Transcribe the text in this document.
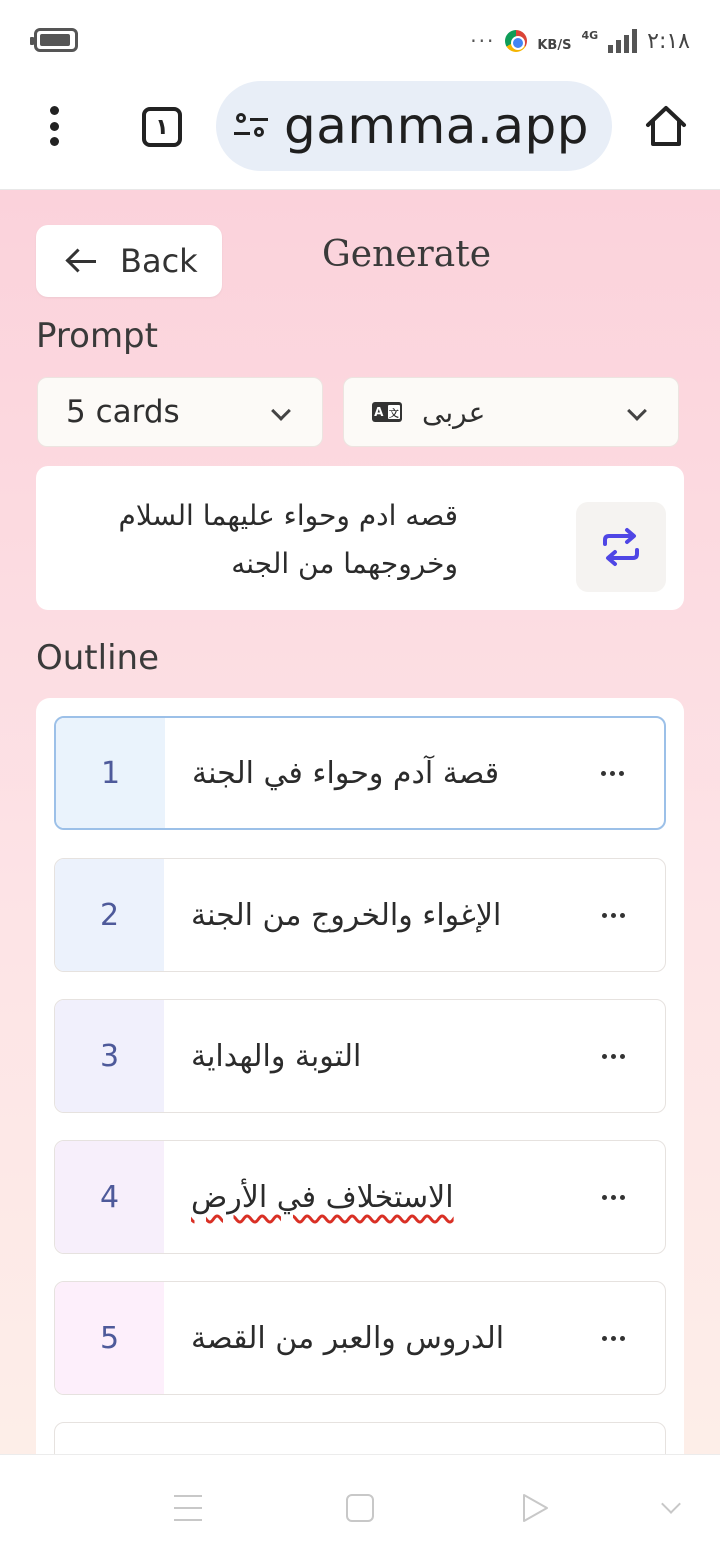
···	KB/S
4G ٢:١٨
١ gamma.app
Back	Generate
Prompt
5 cards	A 文 عربى
قصه ادم وحواء عليهما السلام وخروجهما من الجنه
Outline
1	قصة آدم وحواء في الجنة
2	الإغواء والخروج من الجنة
3	التوبة والهداية
4	الاستخلاف في الأرض
5	الدروس والعبر من القصة
